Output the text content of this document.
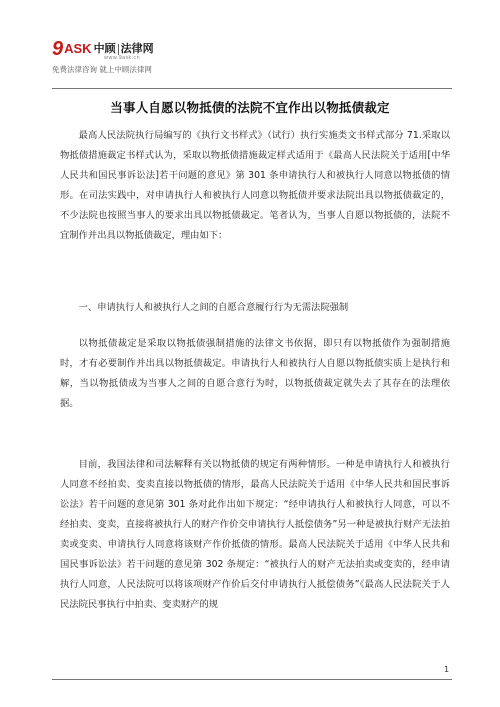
9 ASK 中顾 法律网
www.9ask.cn
免费法律咨询 就上中顾法律网
当事人自愿以物抵债的法院不宜作出以物抵债裁定

最高人民法院执行局编写的《执行文书样式》（试行）执行实施类文书样式部分 71.采取以物抵债措施裁定书样式认为，采取以物抵债措施裁定样式适用于《最高人民法院关于适用[中华人民共和国民事诉讼法]若干问题的意见》第 301 条申请执行人和被执行人同意以物抵债的情形。在司法实践中，对申请执行人和被执行人同意以物抵债并要求法院出具以物抵债裁定的，不少法院也按照当事人的要求出具以物抵债裁定。笔者认为，当事人自愿以物抵债的，法院不宜制作并出具以物抵债裁定，理由如下：

一、申请执行人和被执行人之间的自愿合意履行行为无需法院强制

以物抵债裁定是采取以物抵债强制措施的法律文书依据，即只有以物抵债作为强制措施时，才有必要制作并出具以物抵债裁定。申请执行人和被执行人自愿以物抵债实质上是执行和解，当以物抵债成为当事人之间的自愿合意行为时，以物抵债裁定就失去了其存在的法理依据。

目前，我国法律和司法解释有关以物抵债的规定有两种情形。一种是申请执行人和被执行人同意不经拍卖、变卖直接以物抵债的情形，最高人民法院关于适用《中华人民共和国民事诉讼法》若干问题的意见第 301 条对此作出如下规定：“经申请执行人和被执行人同意，可以不经拍卖、变卖，直接将被执行人的财产作价交申请执行人抵偿债务”另一种是被执行财产无法拍卖或变卖、申请执行人同意将该财产作价抵债的情形。最高人民法院关于适用《中华人民共和国民事诉讼法》若干问题的意见第 302 条规定：“被执行人的财产无法拍卖或变卖的，经申请执行人同意，人民法院可以将该项财产作价后交付申请执行人抵偿债务”《最高人民法院关于人民法院民事执行中拍卖、变卖财产的规

1
